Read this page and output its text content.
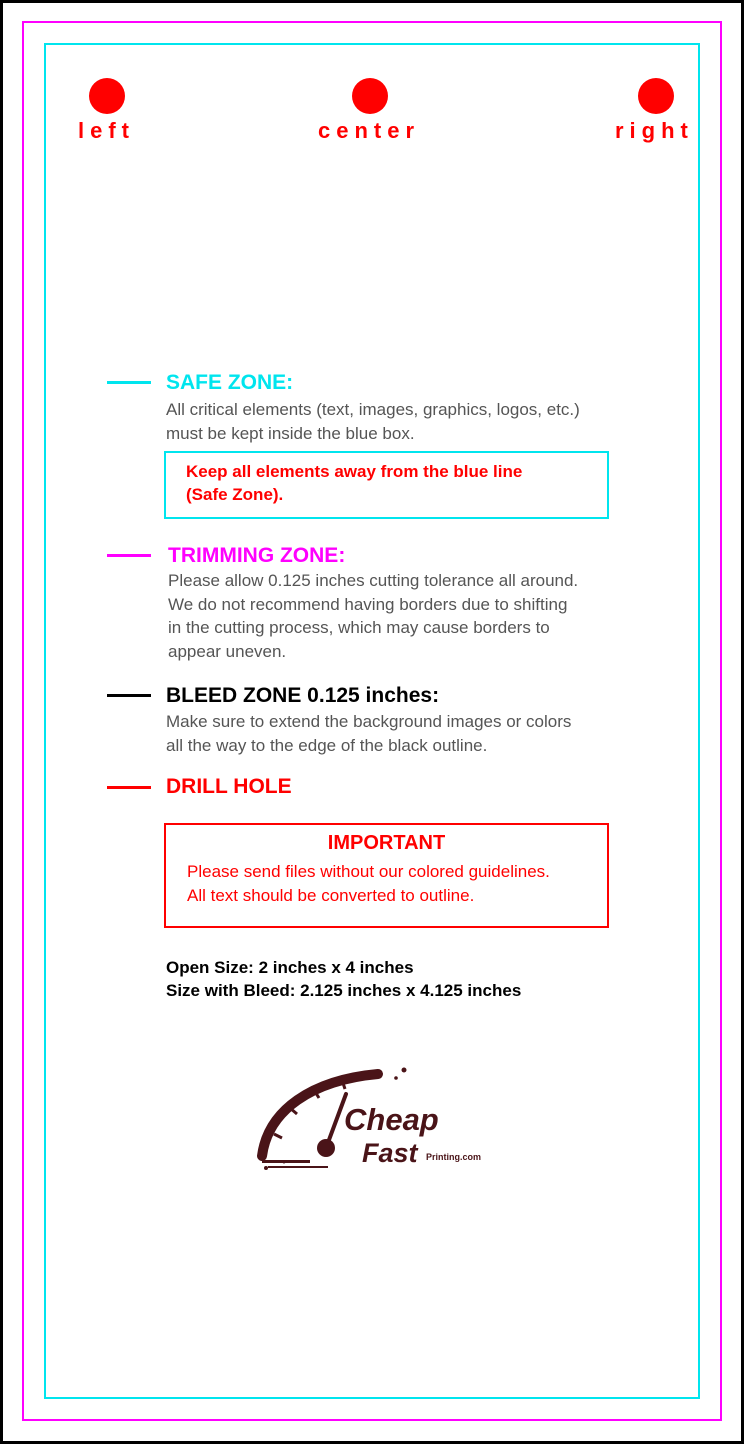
left	center	right
SAFE ZONE:
All critical elements (text, images, graphics, logos, etc.)
must be kept inside the blue box.
Keep all elements away from the blue line
(Safe Zone).
TRIMMING ZONE:
Please allow 0.125 inches cutting tolerance all around.
We do not recommend having borders due to shifting
in the cutting process, which may cause borders to
appear uneven.
BLEED ZONE 0.125 inches:
Make sure to extend the background images or colors
all the way to the edge of the black outline.
DRILL HOLE
IMPORTANT
Please send files without our colored guidelines.
All text should be converted to outline.
Open Size: 2 inches x 4 inches
Size with Bleed: 2.125 inches x 4.125 inches
Cheap
Fast Printing.com
